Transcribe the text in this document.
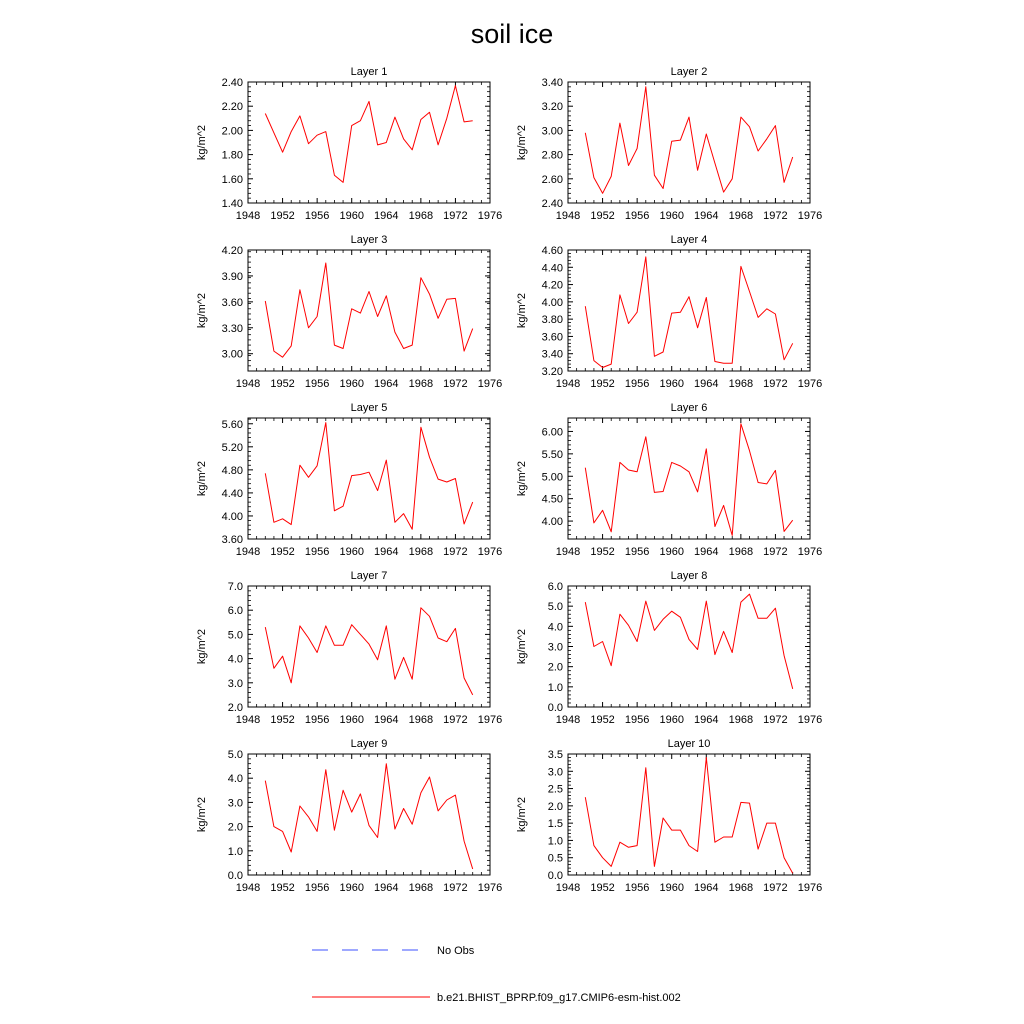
soil ice
Layer 1
1948 1952 1956 1960 1964 1968 1972 1976
1.40
1.60
1.80
2.00
2.20
2.40
kg/m^2
Layer 2
1948 1952 1956 1960 1964 1968 1972 1976
2.40
2.60
2.80
3.00
3.20
3.40
kg/m^2
Layer 3
1948 1952 1956 1960 1964 1968 1972 1976
3.00
3.30
3.60
3.90
4.20
kg/m^2
Layer 4
1948 1952 1956 1960 1964 1968 1972 1976
3.20
3.40
3.60
3.80
4.00
4.20
4.40
4.60
kg/m^2
Layer 5
1948 1952 1956 1960 1964 1968 1972 1976
3.60
4.00
4.40
4.80
5.20
5.60
kg/m^2
Layer 6
1948 1952 1956 1960 1964 1968 1972 1976
4.00
4.50
5.00
5.50
6.00
kg/m^2
Layer 7
1948 1952 1956 1960 1964 1968 1972 1976
2.0
3.0
4.0
5.0
6.0
7.0
kg/m^2
Layer 8
1948 1952 1956 1960 1964 1968 1972 1976
0.0
1.0
2.0
3.0
4.0
5.0
6.0
kg/m^2
Layer 9
1948 1952 1956 1960 1964 1968 1972 1976
0.0
1.0
2.0
3.0
4.0
5.0
kg/m^2
Layer 10
1948 1952 1956 1960 1964 1968 1972 1976
0.0
0.5
1.0
1.5
2.0
2.5
3.0
3.5
kg/m^2
No Obs
b.e21.BHIST_BPRP.f09_g17.CMIP6-esm-hist.002
